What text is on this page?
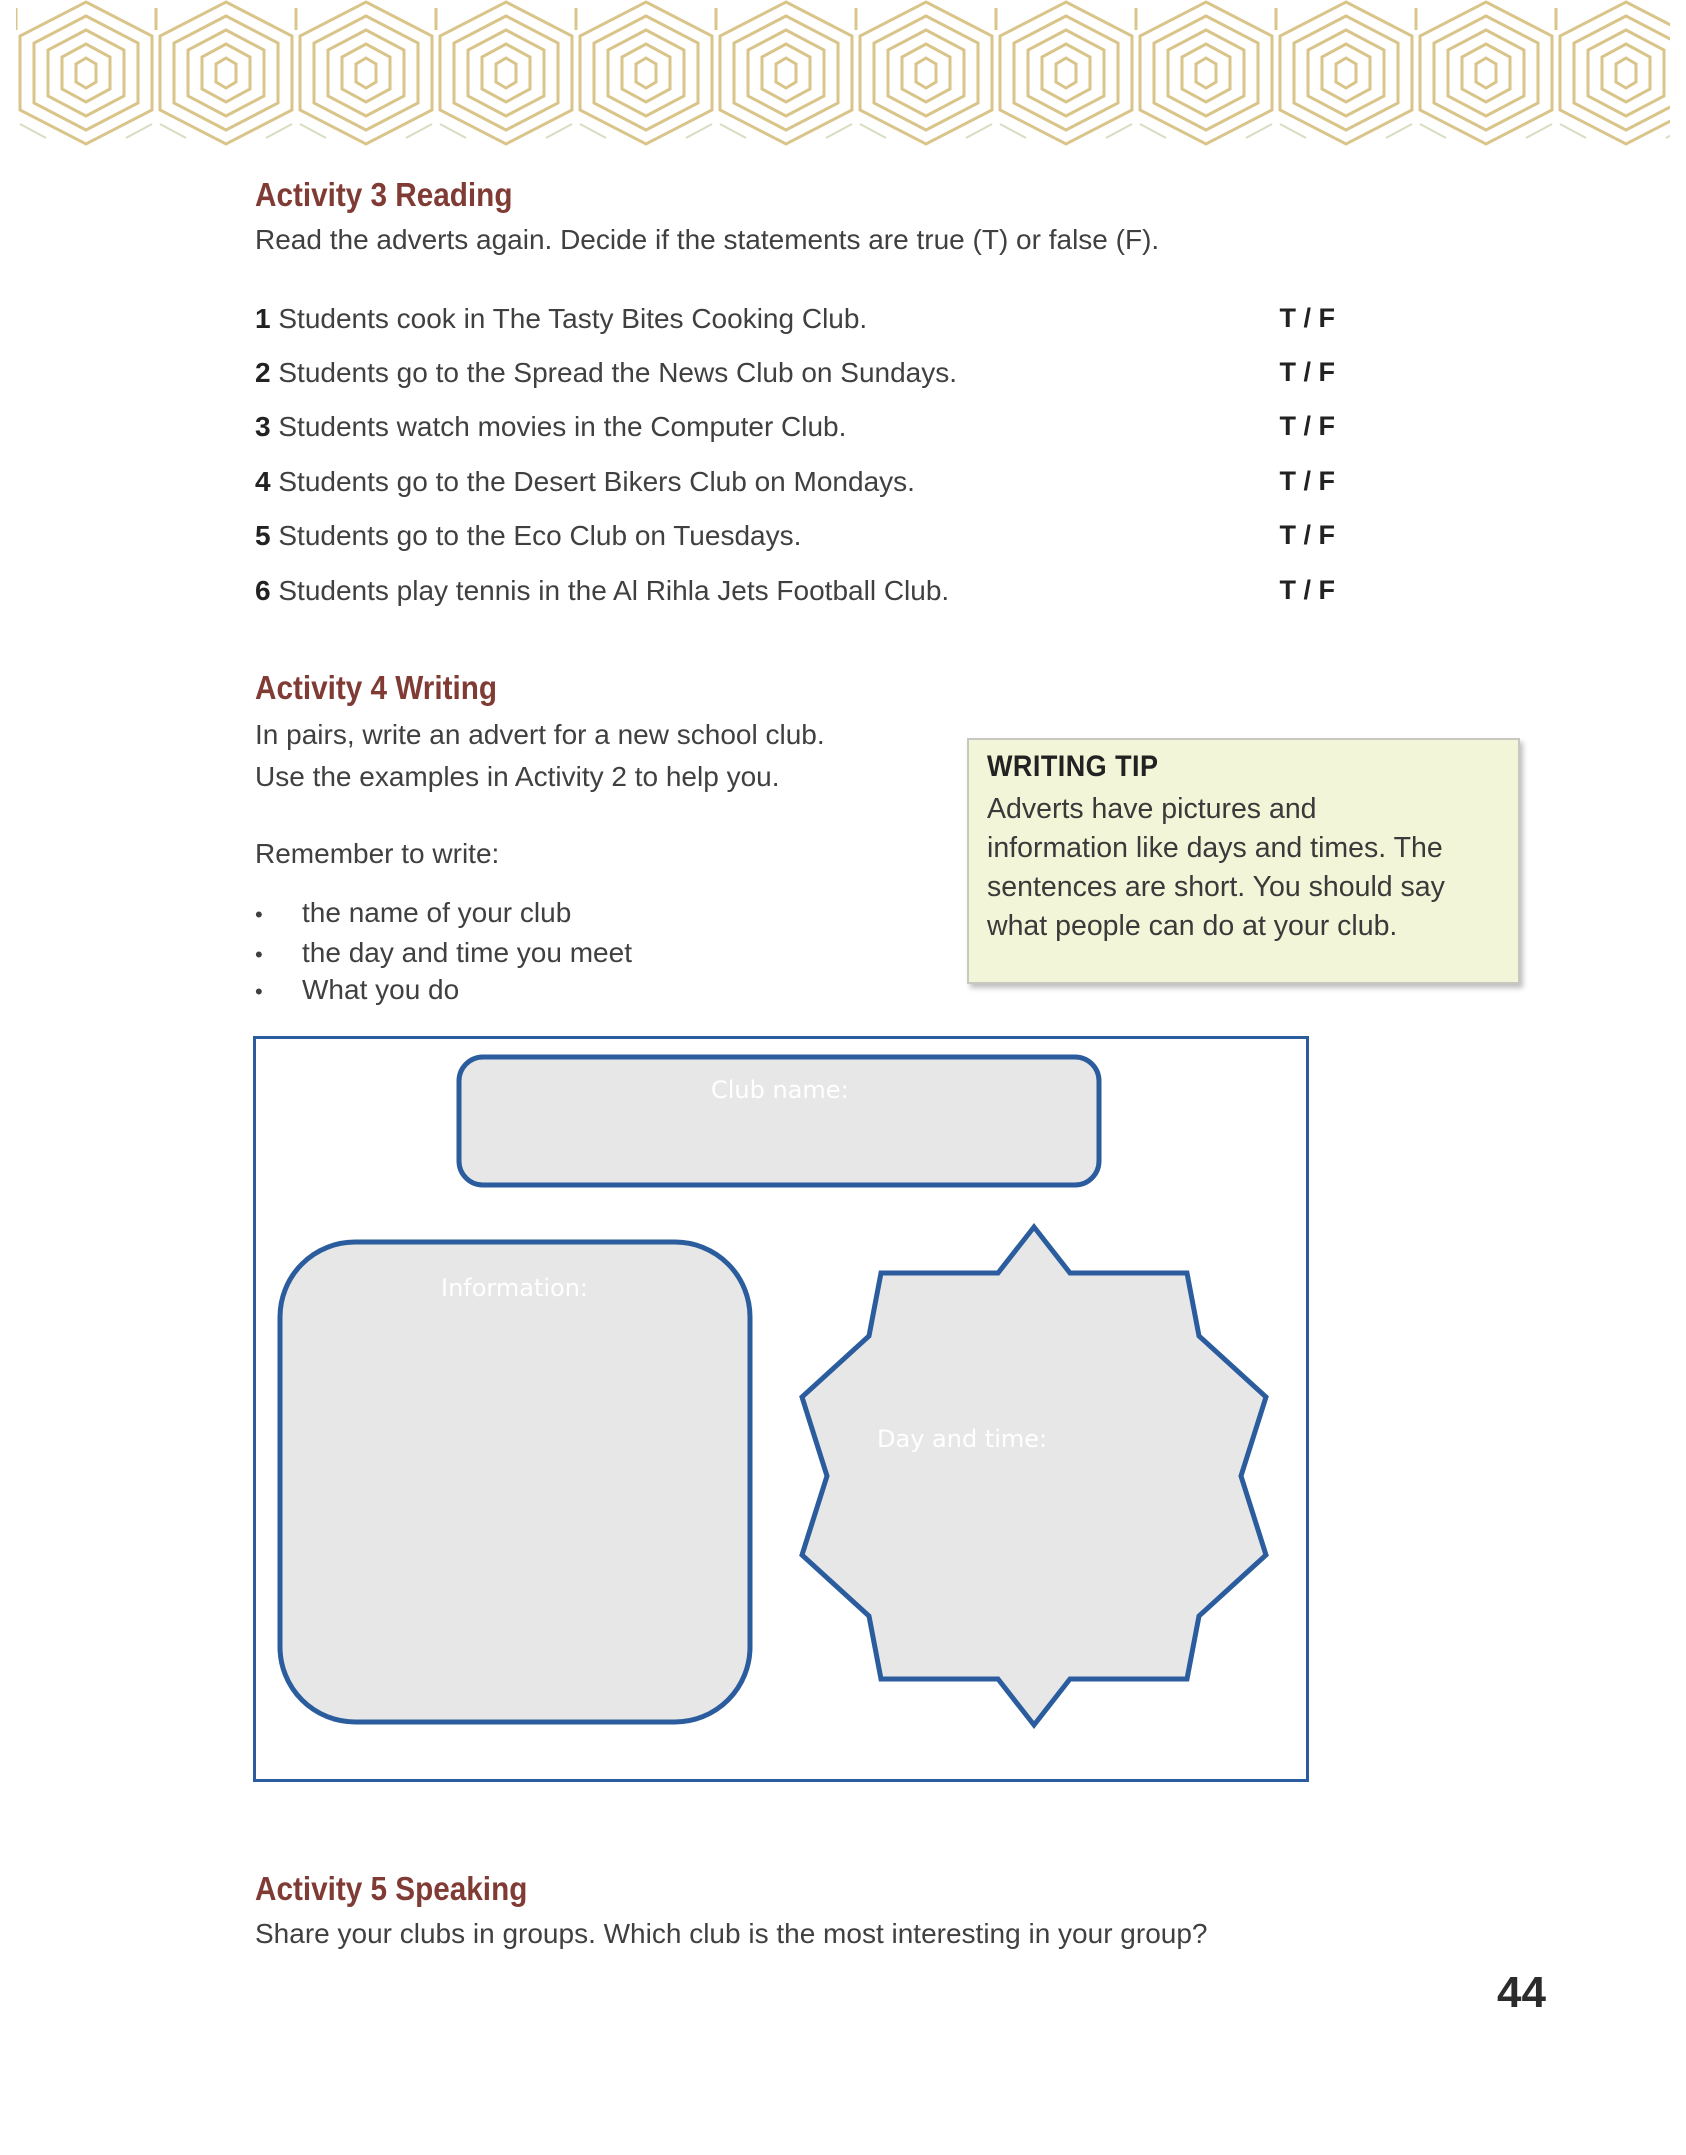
Activity 3 Reading

Read the adverts again. Decide if the statements are true (T) or false (F).

1 Students cook in The Tasty Bites Cooking Club.	T / F
2 Students go to the Spread the News Club on Sundays.	T / F
3 Students watch movies in the Computer Club.	T / F
4 Students go to the Desert Bikers Club on Mondays.	T / F
5 Students go to the Eco Club on Tuesdays.	T / F
6 Students play tennis in the Al Rihla Jets Football Club.	T / F
Activity 4 Writing

In pairs, write an advert for a new school club.

Use the examples in Activity 2 to help you.

Remember to write:

• the name of your club
• the day and time you meet
• What you do

WRITING TIP

Adverts have pictures and
information like days and times. The
sentences are short. You should say
what people can do at your club.

Club name:
Information:
Day and time:
Activity 5 Speaking

Share your clubs in groups. Which club is the most interesting in your group?

44
